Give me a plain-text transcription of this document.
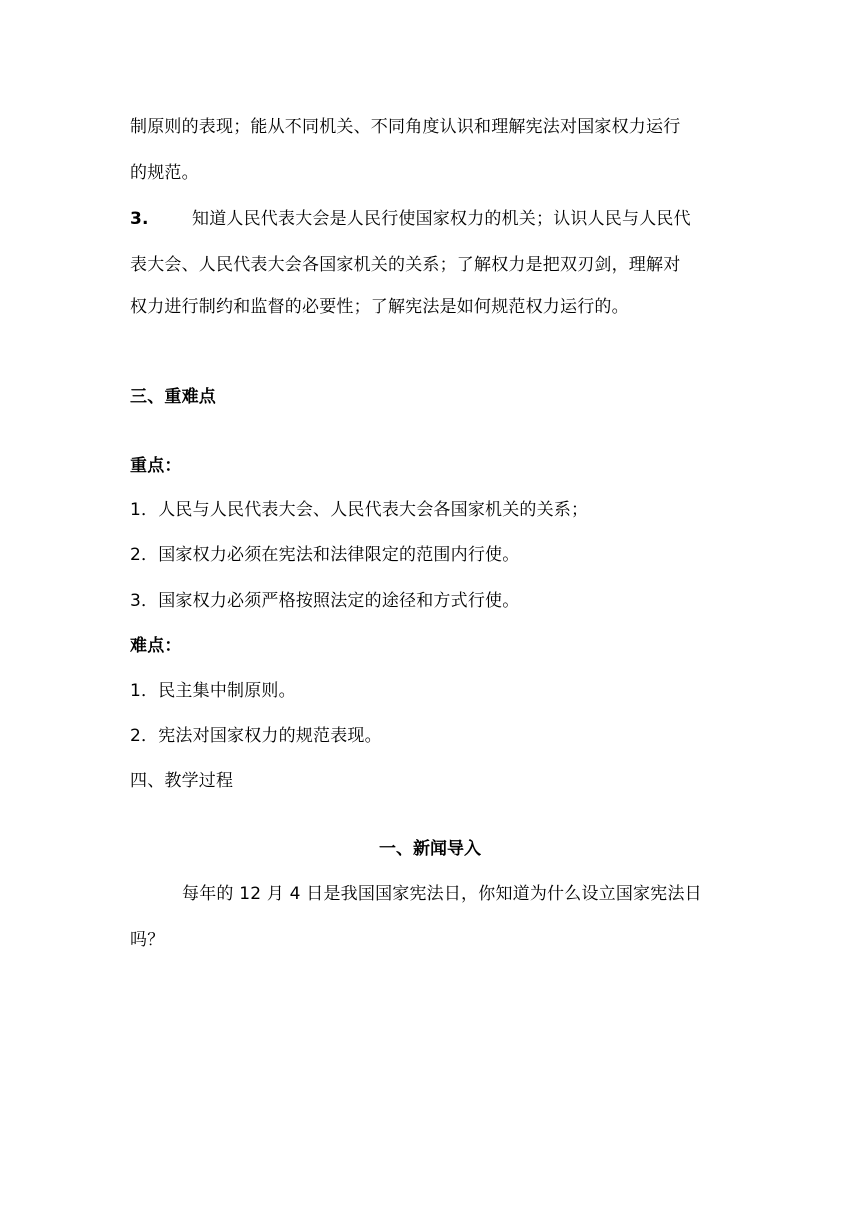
制原则的表现；能从不同机关、不同角度认识和理解宪法对国家权力运行
的规范。
3.	知道人民代表大会是人民行使国家权力的机关；认识人民与人民代
表大会、人民代表大会各国家机关的关系；了解权力是把双刃剑，理解对
权力进行制约和监督的必要性；了解宪法是如何规范权力运行的。
三、重难点
重点：
1．人民与人民代表大会、人民代表大会各国家机关的关系；
2．国家权力必须在宪法和法律限定的范围内行使。
3．国家权力必须严格按照法定的途径和方式行使。
难点：
1．民主集中制原则。
2．宪法对国家权力的规范表现。
四、教学过程
一、新闻导入
每年的 12 月 4 日是我国国家宪法日，你知道为什么设立国家宪法日
吗？
